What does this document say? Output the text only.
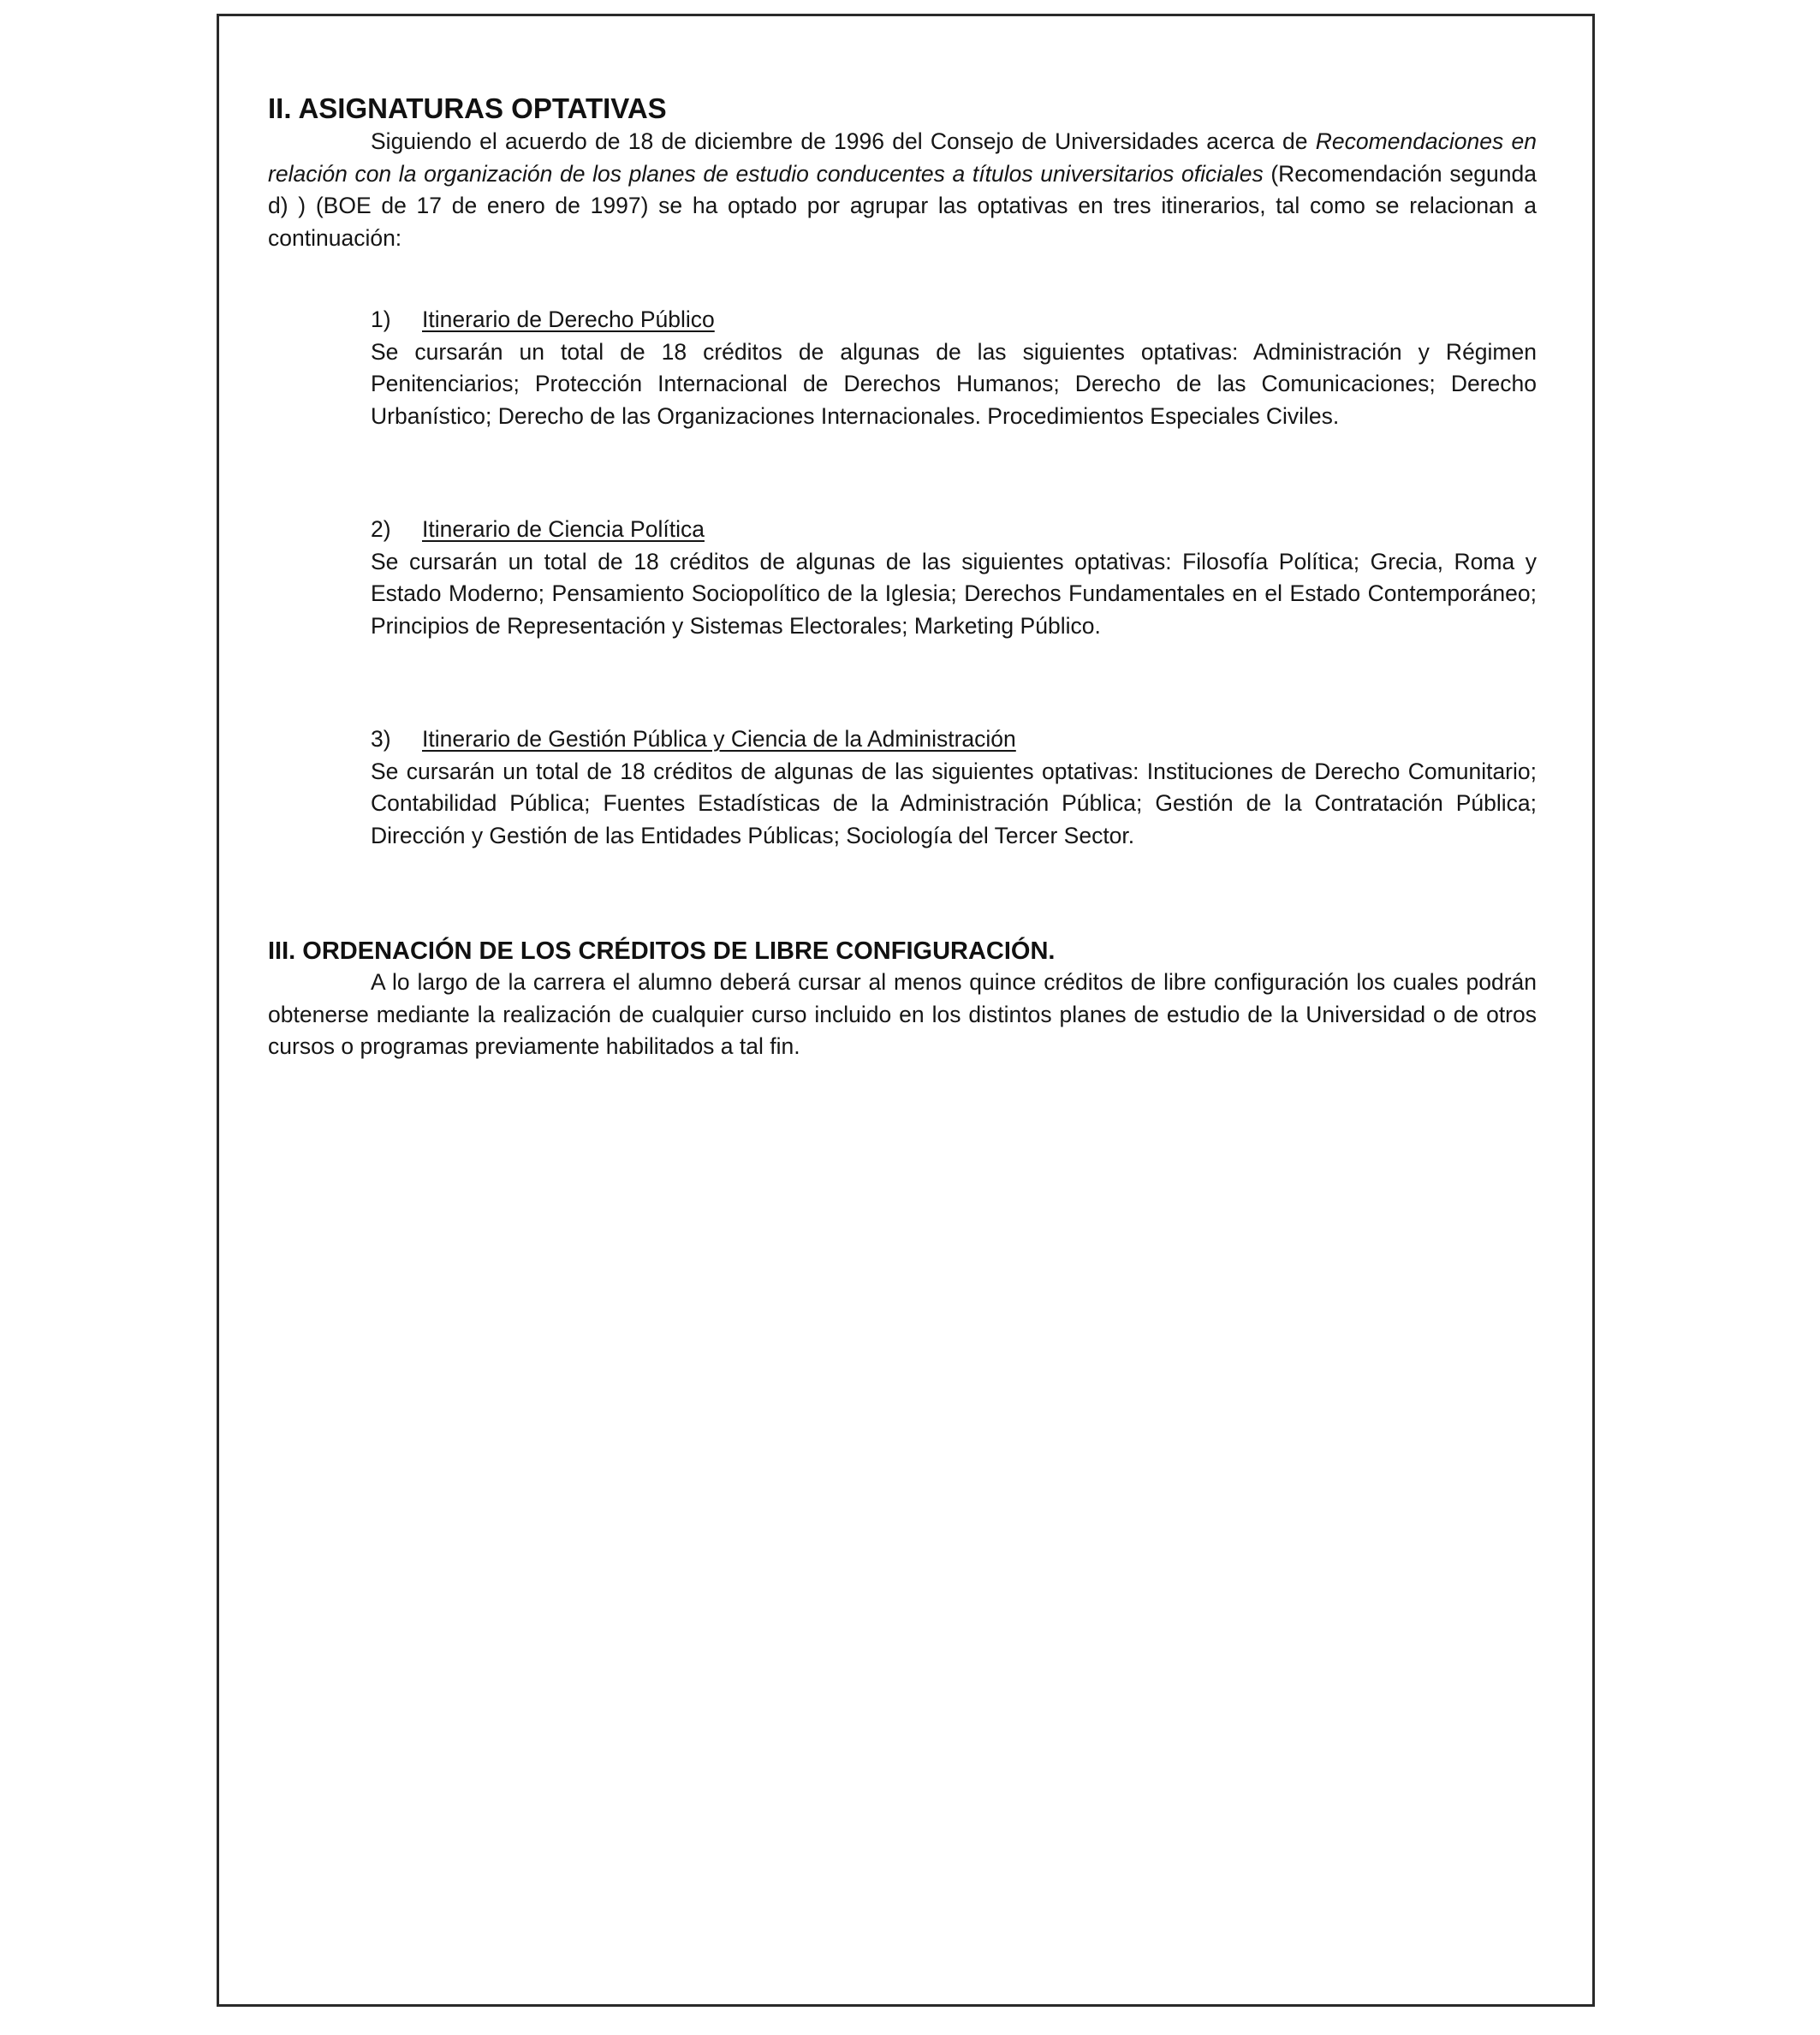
II. ASIGNATURAS OPTATIVAS

Siguiendo el acuerdo de 18 de diciembre de 1996 del Consejo de Universidades acerca de Recomendaciones en relación con la organización de los planes de estudio conducentes a títulos universitarios oficiales (Recomendación segunda d) ) (BOE de 17 de enero de 1997) se ha optado por agrupar las optativas en tres itinerarios, tal como se relacionan a continuación:

1)	Itinerario de Derecho Público

Se cursarán un total de 18 créditos de algunas de las siguientes optativas: Administración y Régimen Penitenciarios; Protección Internacional de Derechos Humanos; Derecho de las Comunicaciones; Derecho Urbanístico; Derecho de las Organizaciones Internacionales. Procedimientos Especiales Civiles.

2)	Itinerario de Ciencia Política

Se cursarán un total de 18 créditos de algunas de las siguientes optativas: Filosofía Política; Grecia, Roma y Estado Moderno; Pensamiento Sociopolítico de la Iglesia; Derechos Fundamentales en el Estado Contemporáneo; Principios de Representación y Sistemas Electorales; Marketing Público.

3)	Itinerario de Gestión Pública y Ciencia de la Administración

Se cursarán un total de 18 créditos de algunas de las siguientes optativas: Instituciones de Derecho Comunitario; Contabilidad Pública; Fuentes Estadísticas de la Administración Pública; Gestión de la Contratación Pública; Dirección y Gestión de las Entidades Públicas; Sociología del Tercer Sector.

III. ORDENACIÓN DE LOS CRÉDITOS DE LIBRE CONFIGURACIÓN.

A lo largo de la carrera el alumno deberá cursar al menos quince créditos de libre configuración los cuales podrán obtenerse mediante la realización de cualquier curso incluido en los distintos planes de estudio de la Universidad o de otros cursos o programas previamente habilitados a tal fin.
